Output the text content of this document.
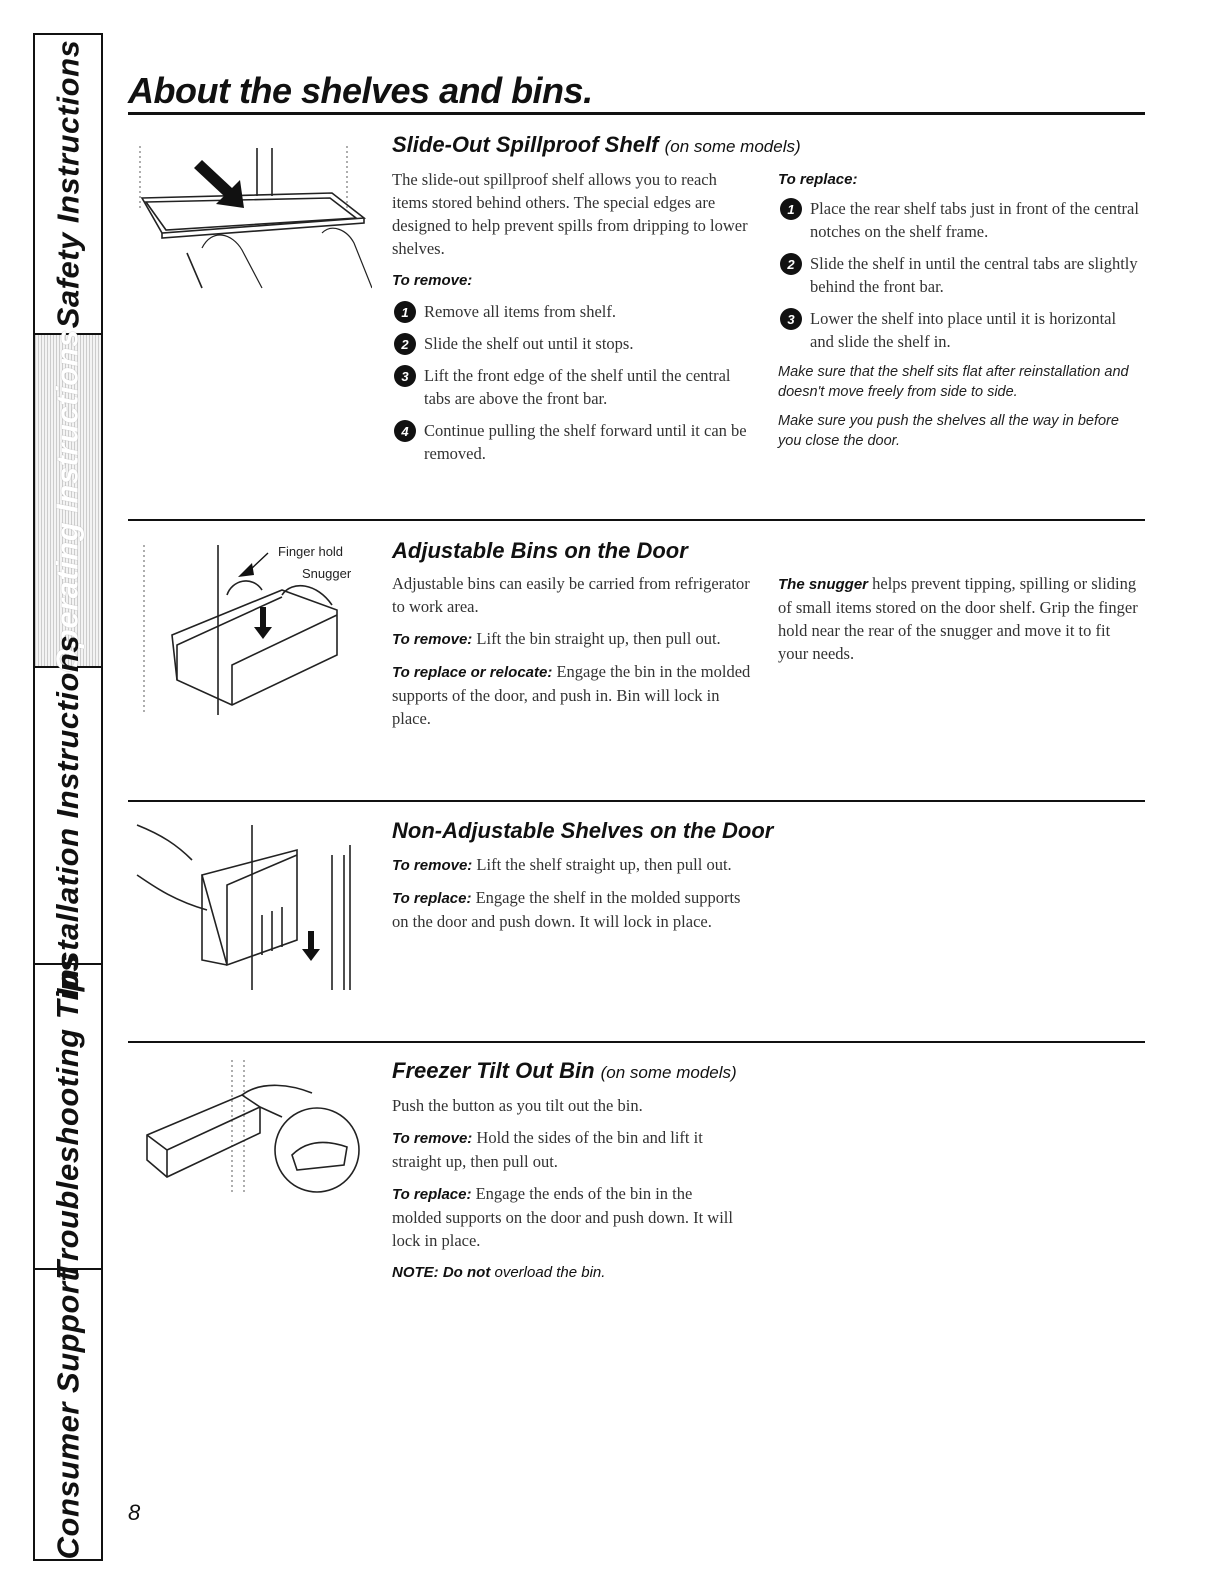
Safety Instructions
Operating Instructions
Installation Instructions
Troubleshooting Tips
Consumer Support
About the shelves and bins.
Slide-Out Spillproof Shelf (on some models)

The slide-out spillproof shelf allows you to reach items stored behind others. The special edges are designed to help prevent spills from dripping to lower shelves.

To remove:
1 Remove all items from shelf.
2 Slide the shelf out until it stops.
3 Lift the front edge of the shelf until the central tabs are above the front bar.
4 Continue pulling the shelf forward until it can be removed.
To replace:
1 Place the rear shelf tabs just in front of the central notches on the shelf frame.
2 Slide the shelf in until the central tabs are slightly behind the front bar.
3 Lower the shelf into place until it is horizontal and slide the shelf in.

Make sure that the shelf sits flat after reinstallation and doesn't move freely from side to side.

Make sure you push the shelves all the way in before you close the door.

Finger hold
Snugger
Adjustable Bins on the Door

Adjustable bins can easily be carried from refrigerator to work area.

To remove: Lift the bin straight up, then pull out.

To replace or relocate: Engage the bin in the molded supports of the door, and push in. Bin will lock in place.

The snugger helps prevent tipping, spilling or sliding of small items stored on the door shelf. Grip the finger hold near the rear of the snugger and move it to fit your needs.

Non-Adjustable Shelves on the Door

To remove: Lift the shelf straight up, then pull out.

To replace: Engage the shelf in the molded supports on the door and push down. It will lock in place.

Freezer Tilt Out Bin (on some models)

Push the button as you tilt out the bin.

To remove: Hold the sides of the bin and lift it straight up, then pull out.

To replace: Engage the ends of the bin in the molded supports on the door and push down. It will lock in place.

NOTE: Do not overload the bin.

8
